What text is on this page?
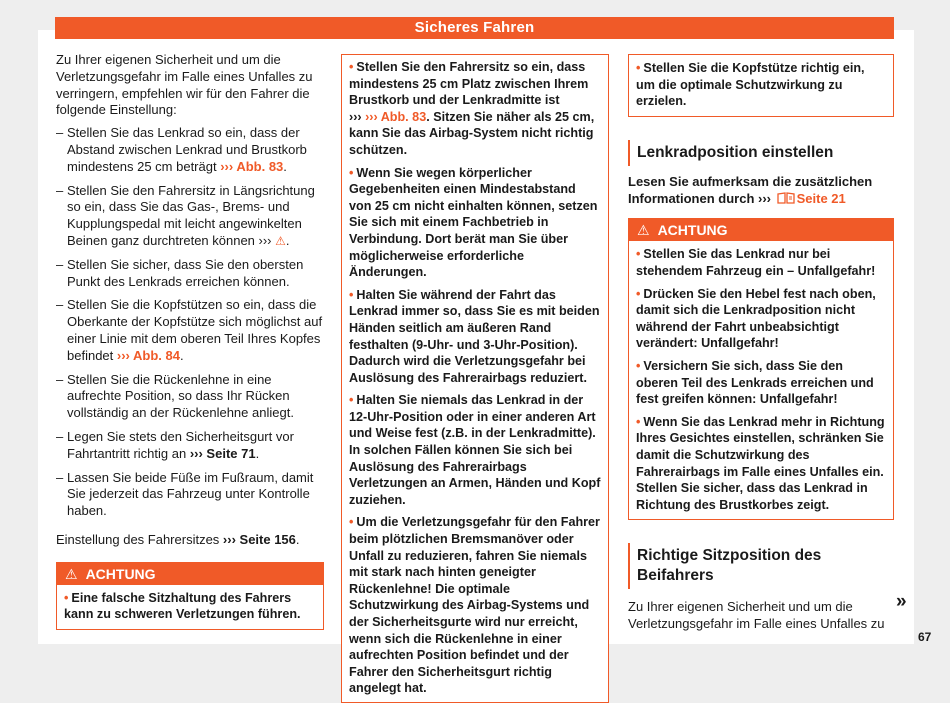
Sicheres Fahren

Zu Ihrer eigenen Sicherheit und um die Verletzungsgefahr im Falle eines Unfalles zu verringern, empfehlen wir für den Fahrer die folgende Einstellung:

– Stellen Sie das Lenkrad so ein, dass der Abstand zwischen Lenkrad und Brustkorb mindestens 25 cm beträgt ››› Abb. 83.
– Stellen Sie den Fahrersitz in Längsrichtung so ein, dass Sie das Gas-, Brems- und Kupplungspedal mit leicht angewinkelten Beinen ganz durchtreten können ››› ⚠.
– Stellen Sie sicher, dass Sie den obersten Punkt des Lenkrads erreichen können.
– Stellen Sie die Kopfstützen so ein, dass die Oberkante der Kopfstütze sich möglichst auf einer Linie mit dem oberen Teil Ihres Kopfes befindet ››› Abb. 84.
– Stellen Sie die Rückenlehne in eine aufrechte Position, so dass Ihr Rücken vollständig an der Rückenlehne anliegt.
– Legen Sie stets den Sicherheitsgurt vor Fahrtantritt richtig an ››› Seite 71.
– Lassen Sie beide Füße im Fußraum, damit Sie jederzeit das Fahrzeug unter Kontrolle haben.

Einstellung des Fahrersitzes ››› Seite 156.

⚠ ACHTUNG

• Eine falsche Sitzhaltung des Fahrers kann zu schweren Verletzungen führen.

• Stellen Sie den Fahrersitz so ein, dass mindestens 25 cm Platz zwischen Ihrem Brustkorb und der Lenkradmitte ist
››› ››› Abb. 83. Sitzen Sie näher als 25 cm, kann Sie das Airbag-System nicht richtig schützen.

• Wenn Sie wegen körperlicher Gegebenheiten einen Mindestabstand von 25 cm nicht einhalten können, setzen Sie sich mit einem Fachbetrieb in Verbindung. Dort berät man Sie über möglicherweise erforderliche Änderungen.

• Halten Sie während der Fahrt das Lenkrad immer so, dass Sie es mit beiden Händen seitlich am äußeren Rand festhalten (9-Uhr- und 3-Uhr-Position). Dadurch wird die Verletzungsgefahr bei Auslösung des Fahrerairbags reduziert.

• Halten Sie niemals das Lenkrad in der 12-Uhr-Position oder in einer anderen Art und Weise fest (z.B. in der Lenkradmitte). In solchen Fällen können Sie sich bei Auslösung des Fahrerairbags Verletzungen an Armen, Händen und Kopf zuziehen.

• Um die Verletzungsgefahr für den Fahrer beim plötzlichen Bremsmanöver oder Unfall zu reduzieren, fahren Sie niemals mit stark nach hinten geneigter Rückenlehne! Die optimale Schutzwirkung des Airbag-Systems und der Sicherheitsgurte wird nur erreicht, wenn sich die Rückenlehne in einer aufrechten Position befindet und der Fahrer den Sicherheitsgurt richtig angelegt hat.

• Stellen Sie die Kopfstütze richtig ein, um die optimale Schutzwirkung zu erzielen.

Lenkradposition einstellen

Lesen Sie aufmerksam die zusätzlichen Informationen durch ››› Seite 21

⚠ ACHTUNG

• Stellen Sie das Lenkrad nur bei stehendem Fahrzeug ein – Unfallgefahr!

• Drücken Sie den Hebel fest nach oben, damit sich die Lenkradposition nicht während der Fahrt unbeabsichtigt verändert: Unfallgefahr!

• Versichern Sie sich, dass Sie den oberen Teil des Lenkrads erreichen und fest greifen können: Unfallgefahr!

• Wenn Sie das Lenkrad mehr in Richtung Ihres Gesichtes einstellen, schränken Sie damit die Schutzwirkung des Fahrerairbags im Falle eines Unfalles ein. Stellen Sie sicher, dass das Lenkrad in Richtung des Brustkorbes zeigt.

Richtige Sitzposition des Beifahrers

Zu Ihrer eigenen Sicherheit und um die Verletzungsgefahr im Falle eines Unfalles zu

»
67
